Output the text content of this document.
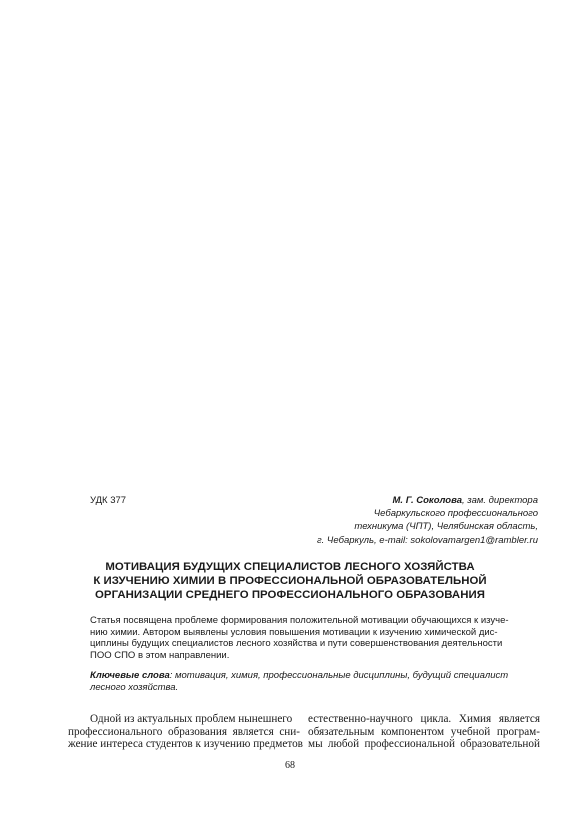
УДК 377	М. Г. Соколова, зам. директора
Чебаркульского профессионального
техникума (ЧПТ), Челябинская область,
г. Чебаркуль, e-mail: sokolovamargen1@rambler.ru
МОТИВАЦИЯ БУДУЩИХ СПЕЦИАЛИСТОВ ЛЕСНОГО ХОЗЯЙСТВА
К ИЗУЧЕНИЮ ХИМИИ В ПРОФЕССИОНАЛЬНОЙ ОБРАЗОВАТЕЛЬНОЙ
ОРГАНИЗАЦИИ СРЕДНЕГО ПРОФЕССИОНАЛЬНОГО ОБРАЗОВАНИЯ
Статья посвящена проблеме формирования положительной мотивации обучающихся к изуче-
нию химии. Автором выявлены условия повышения мотивации к изучению химической дис-
циплины будущих специалистов лесного хозяйства и пути совершенствования деятельности
ПОО СПО в этом направлении.
Ключевые слова: мотивация, химия, профессиональные дисциплины, будущий специалист
лесного хозяйства.
Одной из актуальных проблем нынешнего
профессионального образования является сни-
жение интереса студентов к изучению предметов
естественно-научного цикла. Химия является
обязательным компонентом учебной програм-
мы любой профессиональной образовательной
68
